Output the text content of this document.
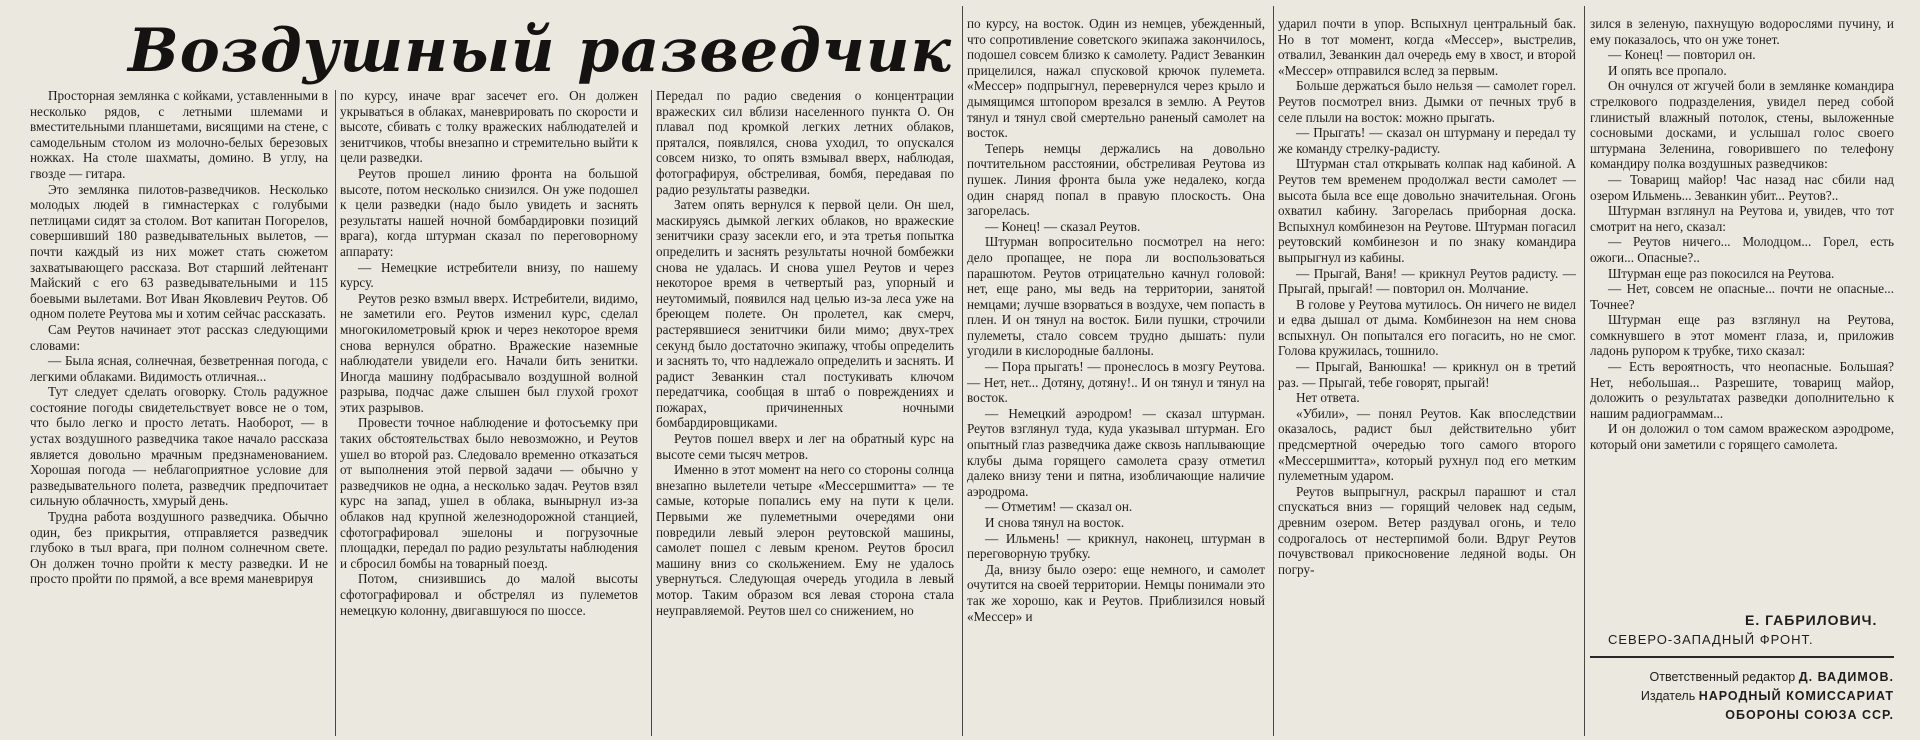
Воздушный разведчик

Просторная землянка с койками, уставленными в несколько рядов, с летными шлемами и вместительными планшетами, висящими на стене, с самодельным столом из молочно-белых березовых ножках. На столе шахматы, домино. В углу, на гвозде — гитара.

Это землянка пилотов-разведчиков. Несколько молодых людей в гимнастерках с голубыми петлицами сидят за столом. Вот капитан Погорелов, совершивший 180 разведывательных вылетов, — почти каждый из них может стать сюжетом захватывающего рассказа. Вот старший лейтенант Майский с его 63 разведывательными и 115 боевыми вылетами. Вот Иван Яковлевич Реутов. Об одном полете Реутова мы и хотим сейчас рассказать.

Сам Реутов начинает этот рассказ следующими словами:

— Была ясная, солнечная, безветренная погода, с легкими облаками. Видимость отличная...

Тут следует сделать оговорку. Столь радужное состояние погоды свидетельствует вовсе не о том, что было легко и просто летать. Наоборот, — в устах воздушного разведчика такое начало рассказа является довольно мрачным предзнаменованием. Хорошая погода — неблагоприятное условие для разведывательного полета, разведчик предпочитает сильную облачность, хмурый день.

Трудна работа воздушного разведчика. Обычно один, без прикрытия, отправляется разведчик глубоко в тыл врага, при полном солнечном свете. Он должен точно пройти к месту разведки. И не просто пройти по прямой, а все время маневрируя

по курсу, иначе враг засечет его. Он должен укрываться в облаках, маневрировать по скорости и высоте, сбивать с толку вражеских наблюдателей и зенитчиков, чтобы внезапно и стремительно выйти к цели разведки.

Реутов прошел линию фронта на большой высоте, потом несколько снизился. Он уже подошел к цели разведки (надо было увидеть и заснять результаты нашей ночной бомбардировки позиций врага), когда штурман сказал по переговорному аппарату:

— Немецкие истребители внизу, по нашему курсу.

Реутов резко взмыл вверх. Истребители, видимо, не заметили его. Реутов изменил курс, сделал многокилометровый крюк и через некоторое время снова вернулся обратно. Вражеские наземные наблюдатели увидели его. Начали бить зенитки. Иногда машину подбрасывало воздушной волной разрыва, подчас даже слышен был глухой грохот этих разрывов.

Провести точное наблюдение и фотосъемку при таких обстоятельствах было невозможно, и Реутов ушел во второй раз. Следовало временно отказаться от выполнения этой первой задачи — обычно у разведчиков не одна, а несколько задач. Реутов взял курс на запад, ушел в облака, вынырнул из-за облаков над крупной железнодорожной станцией, сфотографировал эшелоны и погрузочные площадки, передал по радио результаты наблюдения и сбросил бомбы на товарный поезд.

Потом, снизившись до малой высоты сфотографировал и обстрелял из пулеметов немецкую колонну, двигавшуюся по шоссе.

Передал по радио сведения о концентрации вражеских сил вблизи населенного пункта О. Он плавал под кромкой легких летних облаков, прятался, появлялся, снова уходил, то опускался совсем низко, то опять взмывал вверх, наблюдая, фотографируя, обстреливая, бомбя, передавая по радио результаты разведки.

Затем опять вернулся к первой цели. Он шел, маскируясь дымкой легких облаков, но вражеские зенитчики сразу засекли его, и эта третья попытка определить и заснять результаты ночной бомбежки снова не удалась. И снова ушел Реутов и через некоторое время в четвертый раз, упорный и неутомимый, появился над целью из-за леса уже на бреющем полете. Он пролетел, как смерч, растерявшиеся зенитчики били мимо; двух-трех секунд было достаточно экипажу, чтобы определить и заснять то, что надлежало определить и заснять. И радист Зеванкин стал постукивать ключом передатчика, сообщая в штаб о повреждениях и пожарах, причиненных ночными бомбардировщиками.

Реутов пошел вверх и лег на обратный курс на высоте семи тысяч метров.

Именно в этот момент на него со стороны солнца внезапно вылетели четыре «Мессершмитта» — те самые, которые попались ему на пути к цели. Первыми же пулеметными очередями они повредили левый элерон реутовской машины, самолет пошел с левым креном. Реутов бросил машину вниз со скольжением. Ему не удалось увернуться. Следующая очередь угодила в левый мотор. Таким образом вся левая сторона стала неуправляемой. Реутов шел со снижением, но

по курсу, на восток. Один из немцев, убежденный, что сопротивление советского экипажа закончилось, подошел совсем близко к самолету. Радист Зеванкин прицелился, нажал спусковой крючок пулемета. «Мессер» подпрыгнул, перевернулся через крыло и дымящимся штопором врезался в землю. А Реутов тянул и тянул свой смертельно раненый самолет на восток.

Теперь немцы держались на довольно почтительном расстоянии, обстреливая Реутова из пушек. Линия фронта была уже недалеко, когда один снаряд попал в правую плоскость. Она загорелась.

— Конец! — сказал Реутов.

Штурман вопросительно посмотрел на него: дело пропащее, не пора ли воспользоваться парашютом. Реутов отрицательно качнул головой: нет, еще рано, мы ведь на территории, занятой немцами; лучше взорваться в воздухе, чем попасть в плен. И он тянул на восток. Били пушки, строчили пулеметы, стало совсем трудно дышать: пули угодили в кислородные баллоны.

— Пора прыгать! — пронеслось в мозгу Реутова. — Нет, нет... Дотяну, дотяну!.. И он тянул и тянул на восток.

— Немецкий аэродром! — сказал штурман. Реутов взглянул туда, куда указывал штурман. Его опытный глаз разведчика даже сквозь наплывающие клубы дыма горящего самолета сразу отметил далеко внизу тени и пятна, изобличающие наличие аэродрома.

— Отметим! — сказал он.

И снова тянул на восток.

— Ильмень! — крикнул, наконец, штурман в переговорную трубку.

Да, внизу было озеро: еще немного, и самолет очутится на своей территории. Немцы понимали это так же хорошо, как и Реутов. Приблизился новый «Мессер» и

ударил почти в упор. Вспыхнул центральный бак. Но в тот момент, когда «Мессер», выстрелив, отвалил, Зеванкин дал очередь ему в хвост, и второй «Мессер» отправился вслед за первым.

Больше держаться было нельзя — самолет горел. Реутов посмотрел вниз. Дымки от печных труб в селе плыли на восток: можно прыгать.

— Прыгать! — сказал он штурману и передал ту же команду стрелку-радисту.

Штурман стал открывать колпак над кабиной. А Реутов тем временем продолжал вести самолет — высота была все еще довольно значительная. Огонь охватил кабину. Загорелась приборная доска. Вспыхнул комбинезон на Реутове. Штурман погасил реутовский комбинезон и по знаку командира выпрыгнул из кабины.

— Прыгай, Ваня! — крикнул Реутов радисту. — Прыгай, прыгай! — повторил он. Молчание.

В голове у Реутова мутилось. Он ничего не видел и едва дышал от дыма. Комбинезон на нем снова вспыхнул. Он попытался его погасить, но не смог. Голова кружилась, тошнило.

— Прыгай, Ванюшка! — крикнул он в третий раз. — Прыгай, тебе говорят, прыгай!

Нет ответа.

«Убили», — понял Реутов. Как впоследствии оказалось, радист был действительно убит предсмертной очередью того самого второго «Мессершмитта», который рухнул под его метким пулеметным ударом.

Реутов выпрыгнул, раскрыл парашют и стал спускаться вниз — горящий человек над седым, древним озером. Ветер раздувал огонь, и тело содрогалось от нестерпимой боли. Вдруг Реутов почувствовал прикосновение ледяной воды. Он погру-

зился в зеленую, пахнущую водорослями пучину, и ему показалось, что он уже тонет.

— Конец! — повторил он.

И опять все пропало.

Он очнулся от жгучей боли в землянке командира стрелкового подразделения, увидел перед собой глинистый влажный потолок, стены, выложенные сосновыми досками, и услышал голос своего штурмана Зеленина, говорившего по телефону командиру полка воздушных разведчиков:

— Товарищ майор! Час назад нас сбили над озером Ильмень... Зеванкин убит... Реутов?..

Штурман взглянул на Реутова и, увидев, что тот смотрит на него, сказал:

— Реутов ничего... Молодцом... Горел, есть ожоги... Опасные?..

Штурман еще раз покосился на Реутова.

— Нет, совсем не опасные... почти не опасные... Точнее?

Штурман еще раз взглянул на Реутова, сомкнувшего в этот момент глаза, и, приложив ладонь рупором к трубке, тихо сказал:

— Есть вероятность, что неопасные. Большая? Нет, небольшая... Разрешите, товарищ майор, доложить о результатах разведки дополнительно к нашим радиограммам...

И он доложил о том самом вражеском аэродроме, который они заметили с горящего самолета.

Е. ГАБРИЛОВИЧ.
СЕВЕРО-ЗАПАДНЫЙ ФРОНТ.
Ответственный редактор Д. ВАДИМОВ.
Издатель НАРОДНЫЙ КОМИССАРИАТ
ОБОРОНЫ СОЮЗА ССР.
